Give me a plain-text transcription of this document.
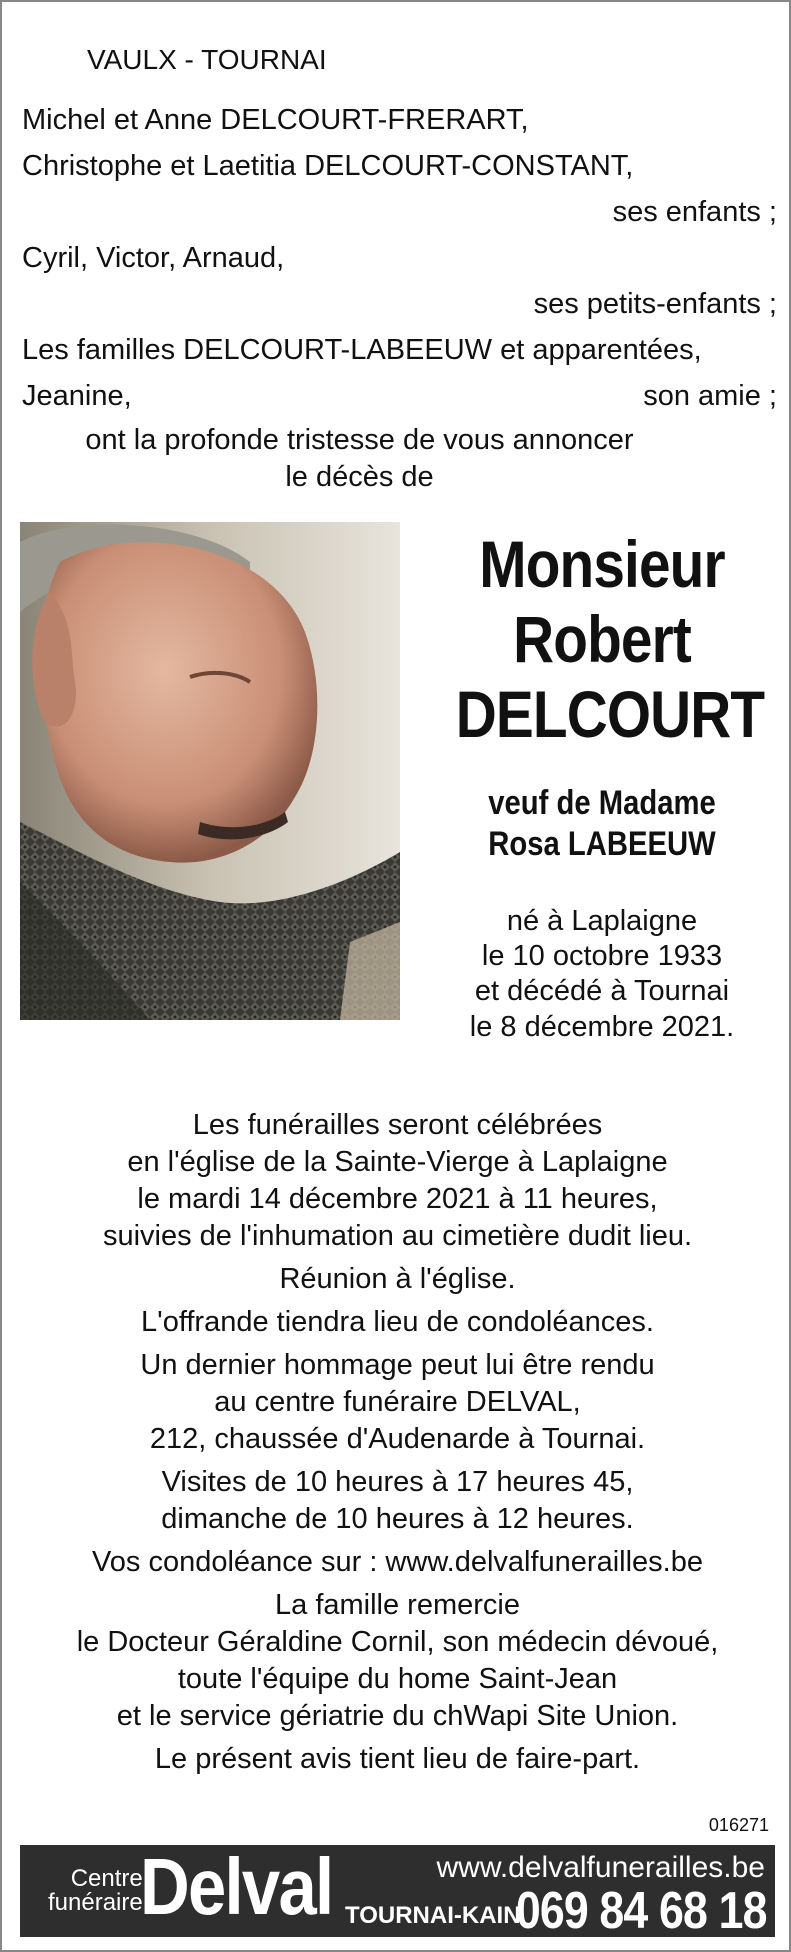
VAULX - TOURNAI
Michel et Anne DELCOURT-FRERART,
Christophe et Laetitia DELCOURT-CONSTANT,
ses enfants ;
Cyril, Victor, Arnaud,
ses petits-enfants ;
Les familles DELCOURT-LABEEUW et apparentées,
Jeanine,	son amie ;
ont la profonde tristesse de vous annoncer
le décès de
Monsieur
Robert
DELCOURT
veuf de Madame
Rosa LABEEUW
né à Laplaigne
le 10 octobre 1933
et décédé à Tournai
le 8 décembre 2021.
Les funérailles seront célébrées
en l'église de la Sainte-Vierge à Laplaigne
le mardi 14 décembre 2021 à 11 heures,
suivies de l'inhumation au cimetière dudit lieu.
Réunion à l'église.
L'offrande tiendra lieu de condoléances.
Un dernier hommage peut lui être rendu
au centre funéraire DELVAL,
212, chaussée d'Audenarde à Tournai.
Visites de 10 heures à 17 heures 45,
dimanche de 10 heures à 12 heures.
Vos condoléance sur : www.delvalfunerailles.be
La famille remercie
le Docteur Géraldine Cornil, son médecin dévoué,
toute l'équipe du home Saint-Jean
et le service gériatrie du chWapi Site Union.
Le présent avis tient lieu de faire-part.
016271
Centre
funéraire
Delval	www.delvalfunerailles.be
TOURNAI-KAIN
069 84 68 18
